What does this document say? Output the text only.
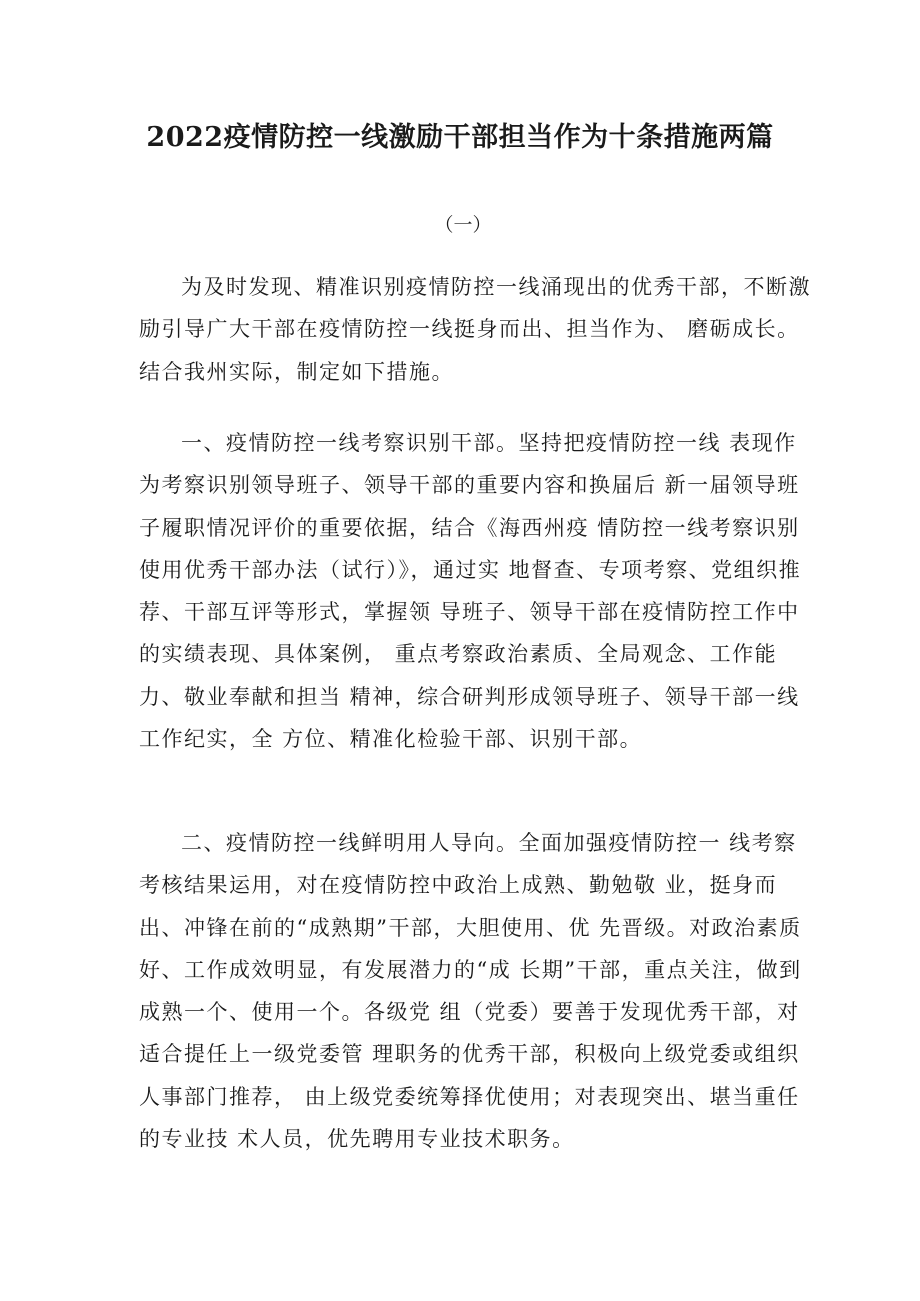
2022疫情防控一线激励干部担当作为十条措施两篇
（一）

为及时发现、精准识别疫情防控一线涌现出的优秀干部，不断激励引导广大干部在疫情防控一线挺身而出、担当作为、 磨砺成长。结合我州实际，制定如下措施。

一、疫情防控一线考察识别干部。坚持把疫情防控一线 表现作为考察识别领导班子、领导干部的重要内容和换届后 新一届领导班子履职情况评价的重要依据，结合《海西州疫 情防控一线考察识别使用优秀干部办法（试行）》，通过实 地督查、专项考察、党组织推荐、干部互评等形式，掌握领 导班子、领导干部在疫情防控工作中的实绩表现、具体案例， 重点考察政治素质、全局观念、工作能力、敬业奉献和担当 精神，综合研判形成领导班子、领导干部一线工作纪实，全 方位、精准化检验干部、识别干部。

二、疫情防控一线鲜明用人导向。全面加强疫情防控一 线考察考核结果运用，对在疫情防控中政治上成熟、勤勉敬 业，挺身而出、冲锋在前的“成熟期”干部，大胆使用、优 先晋级。对政治素质好、工作成效明显，有发展潜力的“成 长期”干部，重点关注，做到成熟一个、使用一个。各级党 组（党委）要善于发现优秀干部，对适合提任上一级党委管 理职务的优秀干部，积极向上级党委或组织人事部门推荐， 由上级党委统筹择优使用；对表现突出、堪当重任的专业技 术人员，优先聘用专业技术职务。
